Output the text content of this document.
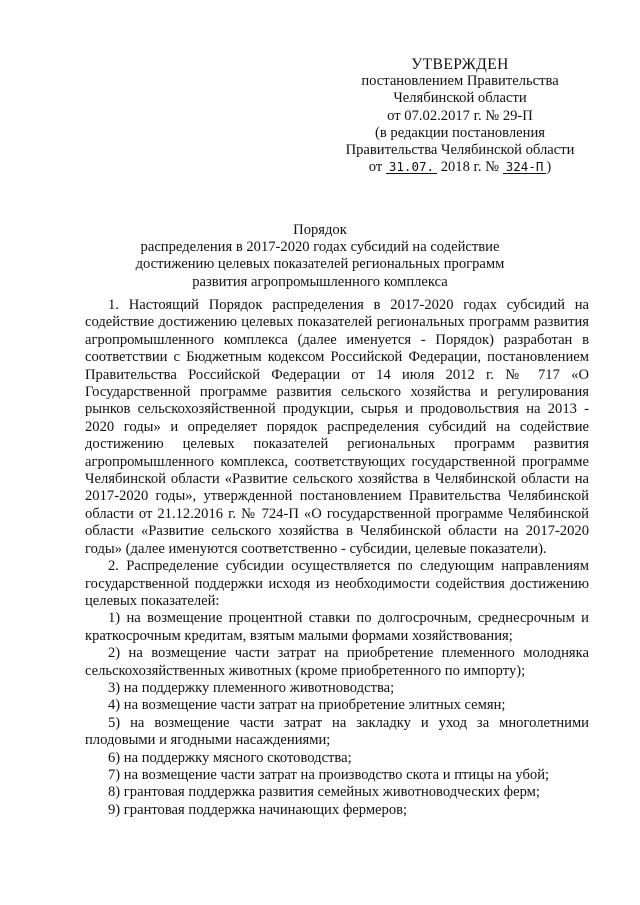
УТВЕРЖДЕН
постановлением Правительства
Челябинской области
от 07.02.2017 г. № 29-П
(в редакции постановления
Правительства Челябинской области
от 31.07. 2018 г. № 324-П )
Порядок
распределения в 2017-2020 годах субсидий на содействие
достижению целевых показателей региональных программ
развития агропромышленного комплекса

1. Настоящий Порядок распределения в 2017-2020 годах субсидий на содействие достижению целевых показателей региональных программ развития агропромышленного комплекса (далее именуется - Порядок) разработан в соответствии с Бюджетным кодексом Российской Федерации, постановлением Правительства Российской Федерации от 14 июля 2012 г. № 717 «О Государственной программе развития сельского хозяйства и регулирования рынков сельскохозяйственной продукции, сырья и продовольствия на 2013 - 2020 годы» и определяет порядок распределения субсидий на содействие достижению целевых показателей региональных программ развития агропромышленного комплекса, соответствующих государственной программе Челябинской области «Развитие сельского хозяйства в Челябинской области на 2017-2020 годы», утвержденной постановлением Правительства Челябинской области от 21.12.2016 г. № 724-П «О государственной программе Челябинской области «Развитие сельского хозяйства в Челябинской области на 2017-2020 годы» (далее именуются соответственно - субсидии, целевые показатели).

2. Распределение субсидии осуществляется по следующим направлениям государственной поддержки исходя из необходимости содействия достижению целевых показателей:

1) на возмещение процентной ставки по долгосрочным, среднесрочным и краткосрочным кредитам, взятым малыми формами хозяйствования;

2) на возмещение части затрат на приобретение племенного молодняка сельскохозяйственных животных (кроме приобретенного по импорту);

3) на поддержку племенного животноводства;

4) на возмещение части затрат на приобретение элитных семян;

5) на возмещение части затрат на закладку и уход за многолетними плодовыми и ягодными насаждениями;

6) на поддержку мясного скотоводства;

7) на возмещение части затрат на производство скота и птицы на убой;

8) грантовая поддержка развития семейных животноводческих ферм;

9) грантовая поддержка начинающих фермеров;
